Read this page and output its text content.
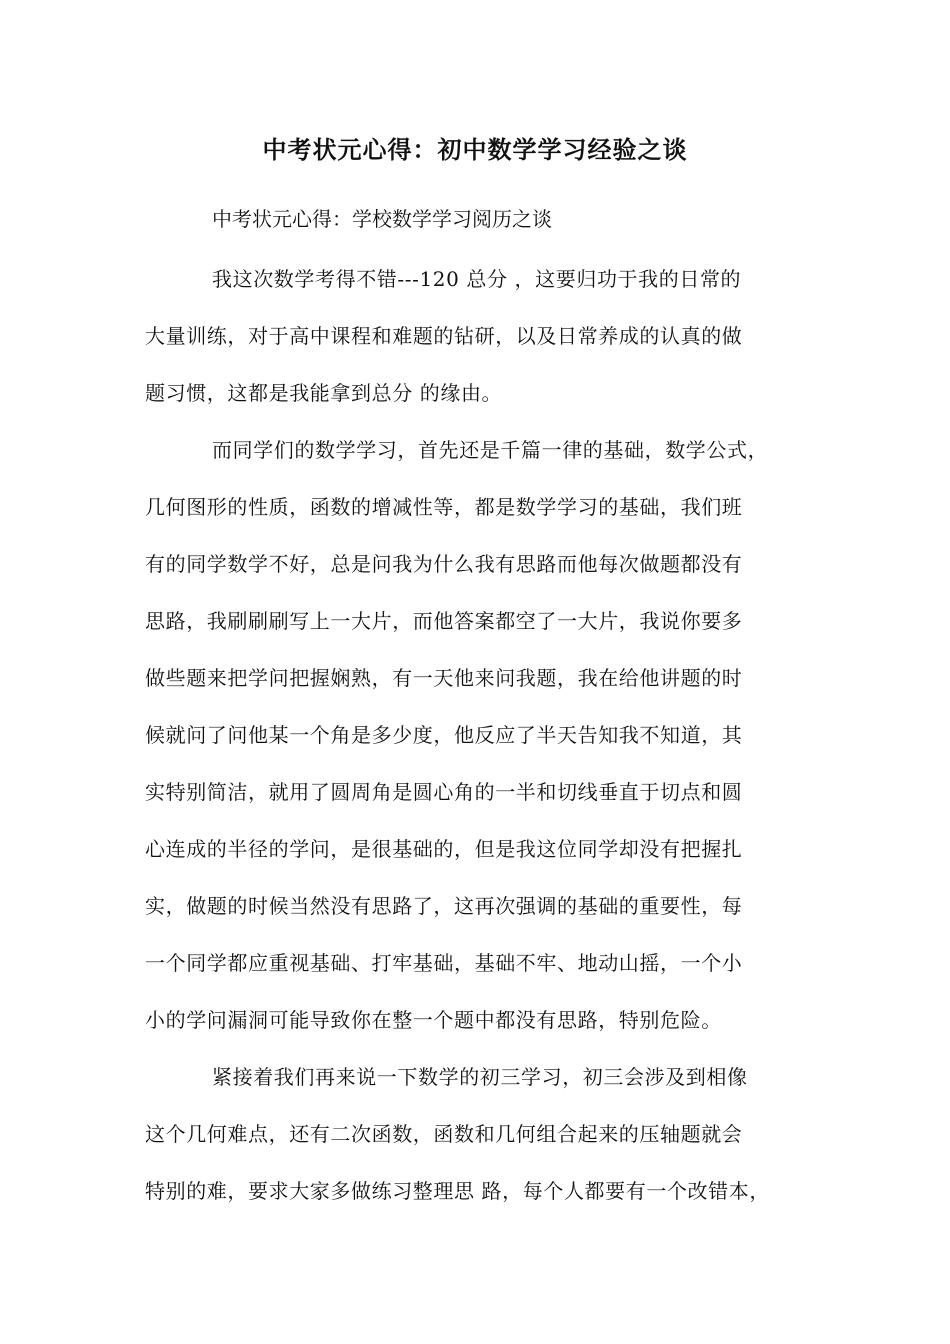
中考状元心得：初中数学学习经验之谈

中考状元心得：学校数学学习阅历之谈

我这次数学考得不错---120 总分 ，这要归功于我的日常的

大量训练，对于高中课程和难题的钻研，以及日常养成的认真的做

题习惯，这都是我能拿到总分 的缘由。

而同学们的数学学习，首先还是千篇一律的基础，数学公式，

几何图形的性质，函数的增减性等，都是数学学习的基础，我们班

有的同学数学不好，总是问我为什么我有思路而他每次做题都没有

思路，我刷刷刷写上一大片，而他答案都空了一大片，我说你要多

做些题来把学问把握娴熟，有一天他来问我题，我在给他讲题的时

候就问了问他某一个角是多少度，他反应了半天告知我不知道，其

实特别简洁，就用了圆周角是圆心角的一半和切线垂直于切点和圆

心连成的半径的学问，是很基础的，但是我这位同学却没有把握扎

实，做题的时候当然没有思路了，这再次强调的基础的重要性，每

一个同学都应重视基础、打牢基础，基础不牢、地动山摇，一个小

小的学问漏洞可能导致你在整一个题中都没有思路，特别危险。

紧接着我们再来说一下数学的初三学习，初三会涉及到相像

这个几何难点，还有二次函数，函数和几何组合起来的压轴题就会

特别的难，要求大家多做练习整理思 路，每个人都要有一个改错本，
